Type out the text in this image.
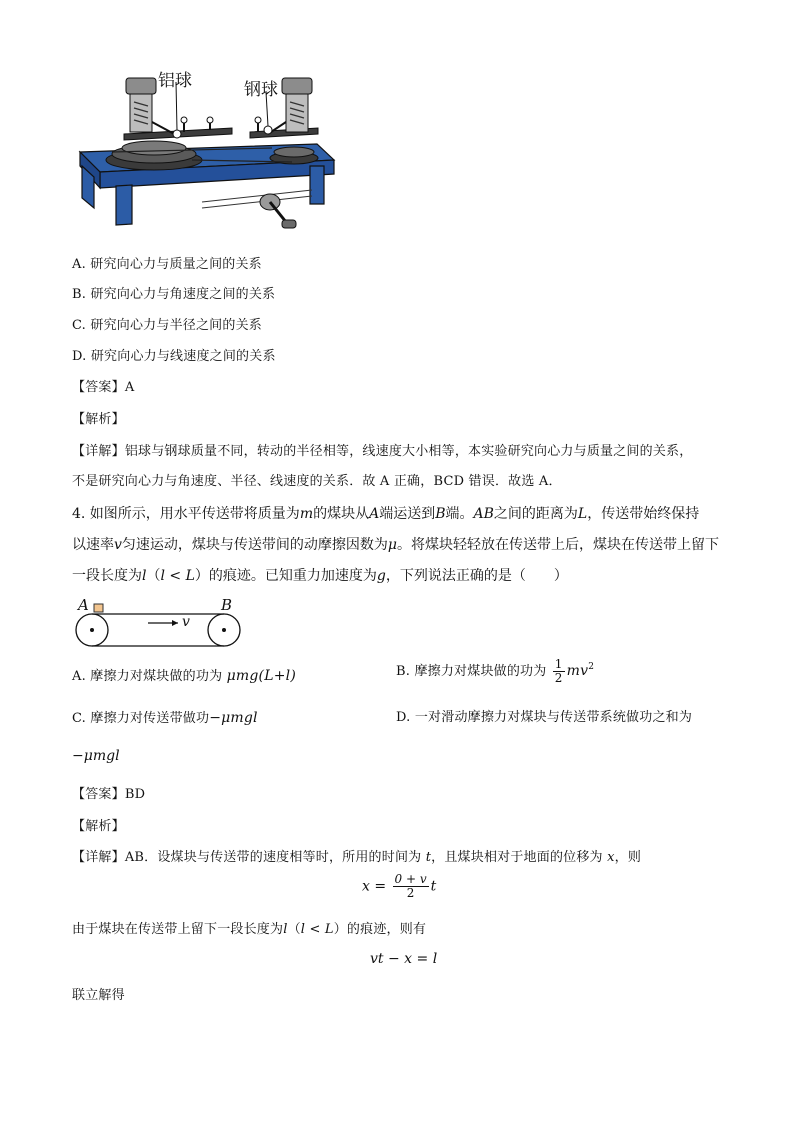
铝球	钢球
A. 研究向心力与质量之间的关系
B. 研究向心力与角速度之间的关系
C. 研究向心力与半径之间的关系
D. 研究向心力与线速度之间的关系
【答案】A
【解析】
【详解】铝球与钢球质量不同，转动的半径相等，线速度大小相等，本实验研究向心力与质量之间的关系，
不是研究向心力与角速度、半径、线速度的关系．故 A 正确，BCD 错误．故选 A．
4. 如图所示，用水平传送带将质量为m的煤块从A端运送到B端。AB之间的距离为L，传送带始终保持
以速率v匀速运动，煤块与传送带间的动摩擦因数为μ。将煤块轻轻放在传送带上后，煤块在传送带上留下
一段长度为l（l < L）的痕迹。已知重力加速度为g，下列说法正确的是（　　）
A	B
v
A. 摩擦力对煤块做的功为 μmg(L+l)	B. 摩擦力对煤块做的功为 $\frac{1}{2} mv^2$
C. 摩擦力对传送带做功−μmgl	D. 一对滑动摩擦力对煤块与传送带系统做功之和为
−μmgl
【答案】BD
【解析】
【详解】AB．设煤块与传送带的速度相等时，所用的时间为 t，且煤块相对于地面的位移为 x，则
$x = \frac{0 + v}{2}$ t
由于煤块在传送带上留下一段长度为l（l < L）的痕迹，则有
vt − x = l
联立解得
